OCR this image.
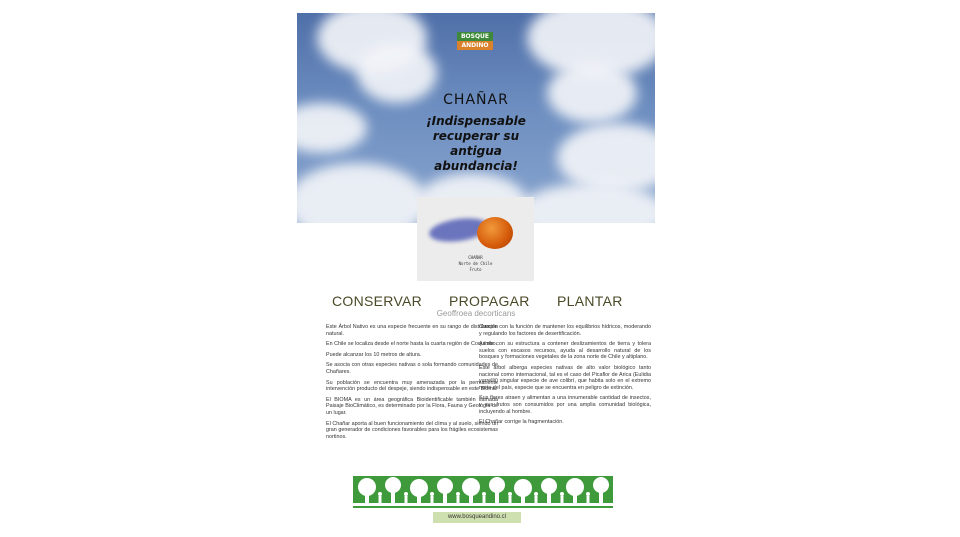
BOSQUE
ANDINO
CHAÑAR
¡Indispensable recuperar su antigua abundancia!
CHAÑAR
Norte de Chile
Fruto
CONSERVAR PROPAGAR PLANTAR
Geoffroea decorticans

Este Árbol Nativo es una especie frecuente en su rango de distribución natural.

En Chile se localiza desde el norte hasta la cuarta región de Coquimbo.

Puede alcanzar los 10 metros de altura.

Se asocia con otras especies nativas o sola formando comunidades de Chañares.

Su población se encuentra muy amenazada por la permanente intervención producto del despeje, siendo indispensable en este Bioma.

El BIOMA es un área geográfica Bioidentificable también llamada Paisaje BioClimático, es determinado por la Flora, Fauna y Geología de un lugar.

El Chañar aporta al buen funcionamiento del clima y al suelo, siendo un gran generador de condiciones favorables para los frágiles ecosistemas nortinos.

Cumple con la función de mantener los equilibrios hídricos, moderando y regulando los factores de desertificación.

Asiste con su estructura a contener deslizamientos de tierra y tolera suelos con escasos recursos, ayuda al desarrollo natural de los bosques y formaciones vegetales de la zona norte de Chile y altiplano.

Este árbol alberga especies nativas de alto valor biológico tanto nacional como internacional, tal es el caso del Picaflor de Arica (Eulidia yarrellii) singular especie de ave colibrí, que habita solo en el extremo norte del país, especie que se encuentra en peligro de extinción.

Sus flores atraen y alimentan a una innumerable cantidad de insectos, y sus frutos son consumidos por una amplia comunidad biológica, incluyendo al hombre.

El Chañar corrige la fragmentación.

www.bosqueandino.cl
